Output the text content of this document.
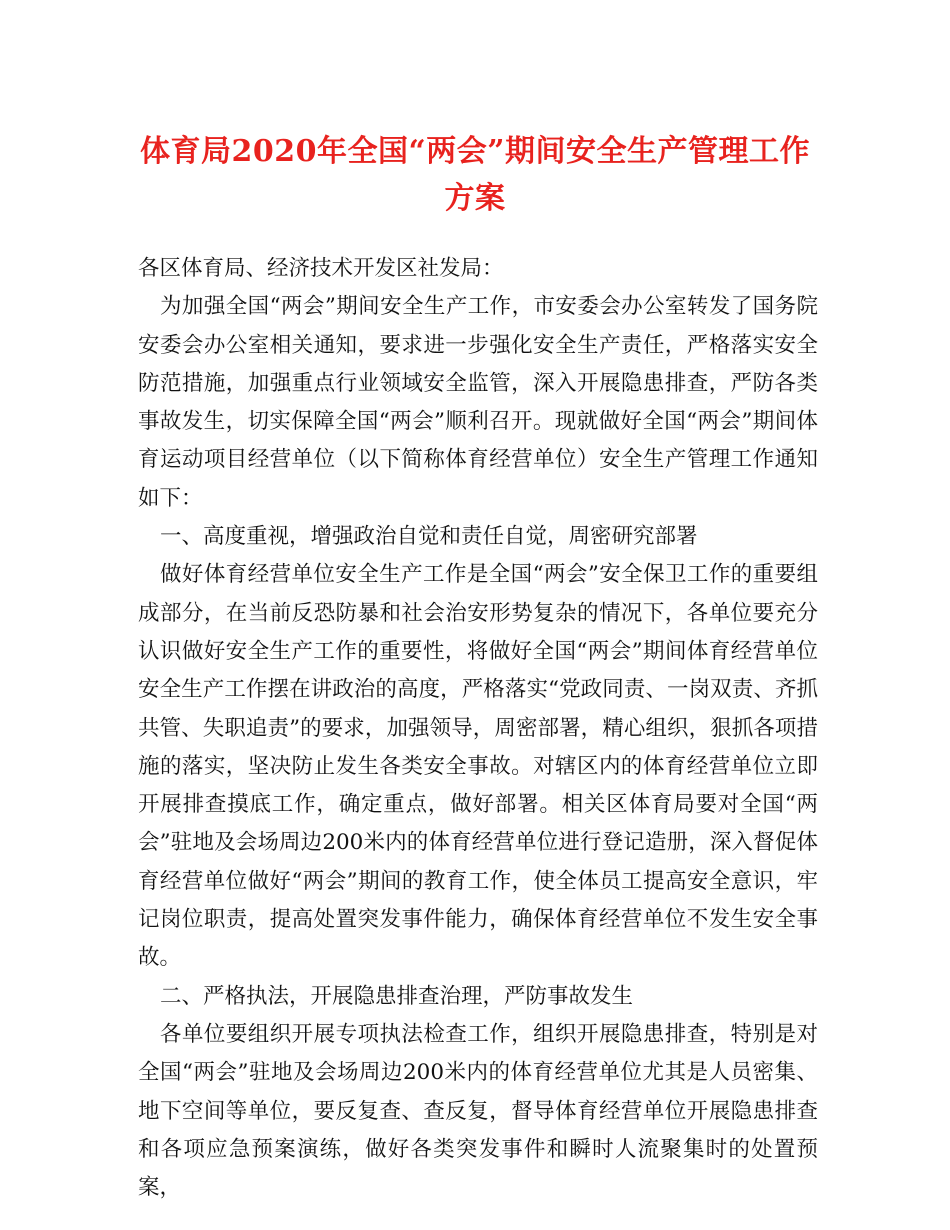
体育局2020年全国“两会”期间安全生产管理工作方案

各区体育局、经济技术开发区社发局：

为加强全国“两会”期间安全生产工作，市安委会办公室转发了国务院安委会办公室相关通知，要求进一步强化安全生产责任，严格落实安全防范措施，加强重点行业领域安全监管，深入开展隐患排查，严防各类事故发生，切实保障全国“两会”顺利召开。现就做好全国“两会”期间体育运动项目经营单位（以下简称体育经营单位）安全生产管理工作通知如下：

一、高度重视，增强政治自觉和责任自觉，周密研究部署

做好体育经营单位安全生产工作是全国“两会”安全保卫工作的重要组成部分，在当前反恐防暴和社会治安形势复杂的情况下，各单位要充分认识做好安全生产工作的重要性，将做好全国“两会”期间体育经营单位安全生产工作摆在讲政治的高度，严格落实“党政同责、一岗双责、齐抓共管、失职追责”的要求，加强领导，周密部署，精心组织，狠抓各项措施的落实，坚决防止发生各类安全事故。对辖区内的体育经营单位立即开展排查摸底工作，确定重点，做好部署。相关区体育局要对全国“两会”驻地及会场周边200米内的体育经营单位进行登记造册，深入督促体育经营单位做好“两会”期间的教育工作，使全体员工提高安全意识，牢记岗位职责，提高处置突发事件能力，确保体育经营单位不发生安全事故。

二、严格执法，开展隐患排查治理，严防事故发生

各单位要组织开展专项执法检查工作，组织开展隐患排查，特别是对全国“两会”驻地及会场周边200米内的体育经营单位尤其是人员密集、地下空间等单位，要反复查、查反复，督导体育经营单位开展隐患排查和各项应急预案演练，做好各类突发事件和瞬时人流聚集时的处置预案，
